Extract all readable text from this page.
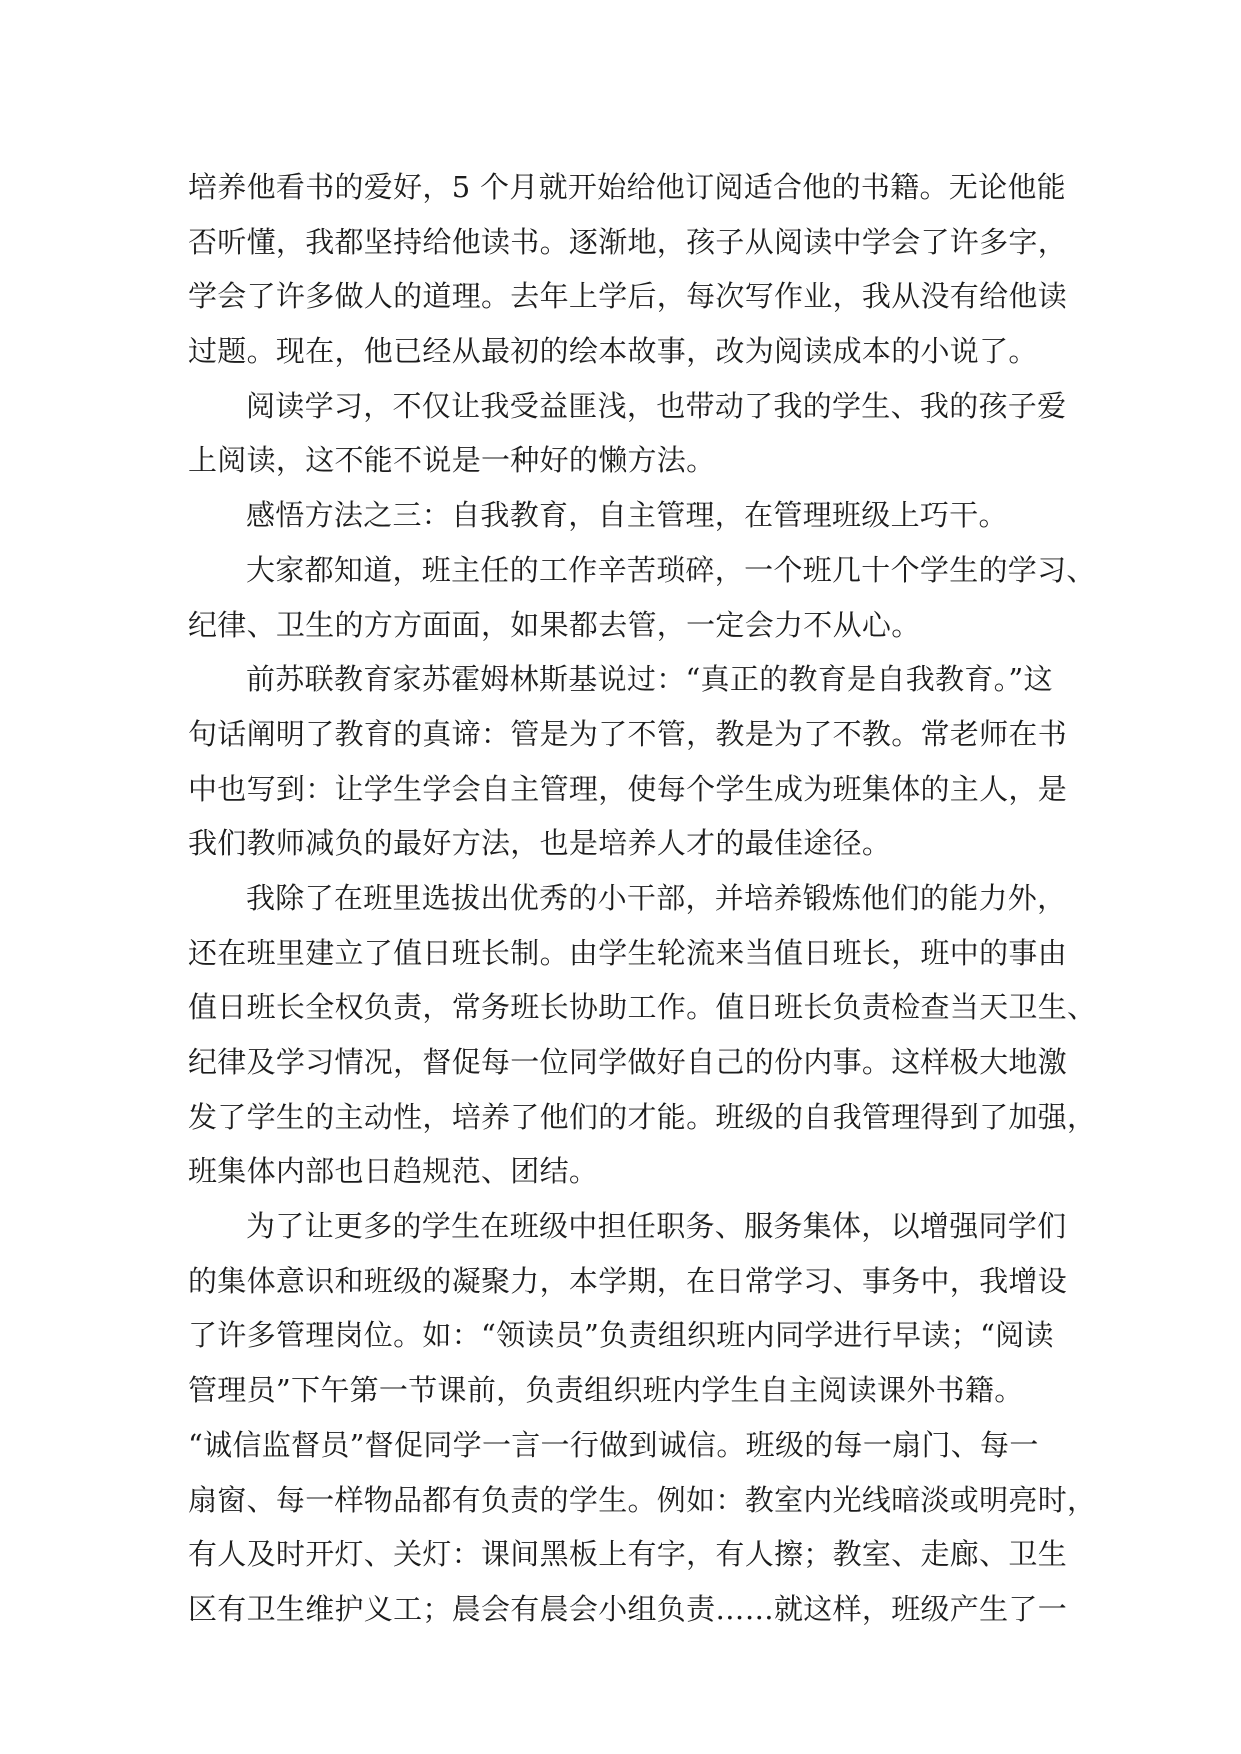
培养他看书的爱好，5 个月就开始给他订阅适合他的书籍。无论他能
否听懂，我都坚持给他读书。逐渐地，孩子从阅读中学会了许多字，
学会了许多做人的道理。去年上学后，每次写作业，我从没有给他读
过题。现在，他已经从最初的绘本故事，改为阅读成本的小说了。
阅读学习，不仅让我受益匪浅，也带动了我的学生、我的孩子爱
上阅读，这不能不说是一种好的懒方法。
感悟方法之三：自我教育，自主管理，在管理班级上巧干。
大家都知道，班主任的工作辛苦琐碎，一个班几十个学生的学习、
纪律、卫生的方方面面，如果都去管，一定会力不从心。
前苏联教育家苏霍姆林斯基说过：“真正的教育是自我教育。”这
句话阐明了教育的真谛：管是为了不管，教是为了不教。常老师在书
中也写到：让学生学会自主管理，使每个学生成为班集体的主人，是
我们教师减负的最好方法，也是培养人才的最佳途径。
我除了在班里选拔出优秀的小干部，并培养锻炼他们的能力外，
还在班里建立了值日班长制。由学生轮流来当值日班长，班中的事由
值日班长全权负责，常务班长协助工作。值日班长负责检查当天卫生、
纪律及学习情况，督促每一位同学做好自己的份内事。这样极大地激
发了学生的主动性，培养了他们的才能。班级的自我管理得到了加强，
班集体内部也日趋规范、团结。
为了让更多的学生在班级中担任职务、服务集体，以增强同学们
的集体意识和班级的凝聚力，本学期，在日常学习、事务中，我增设
了许多管理岗位。如：“领读员”负责组织班内同学进行早读；“阅读
管理员”下午第一节课前，负责组织班内学生自主阅读课外书籍。
“诚信监督员”督促同学一言一行做到诚信。班级的每一扇门、每一
扇窗、每一样物品都有负责的学生。例如：教室内光线暗淡或明亮时，
有人及时开灯、关灯：课间黑板上有字，有人擦；教室、走廊、卫生
区有卫生维护义工；晨会有晨会小组负责……就这样，班级产生了一
